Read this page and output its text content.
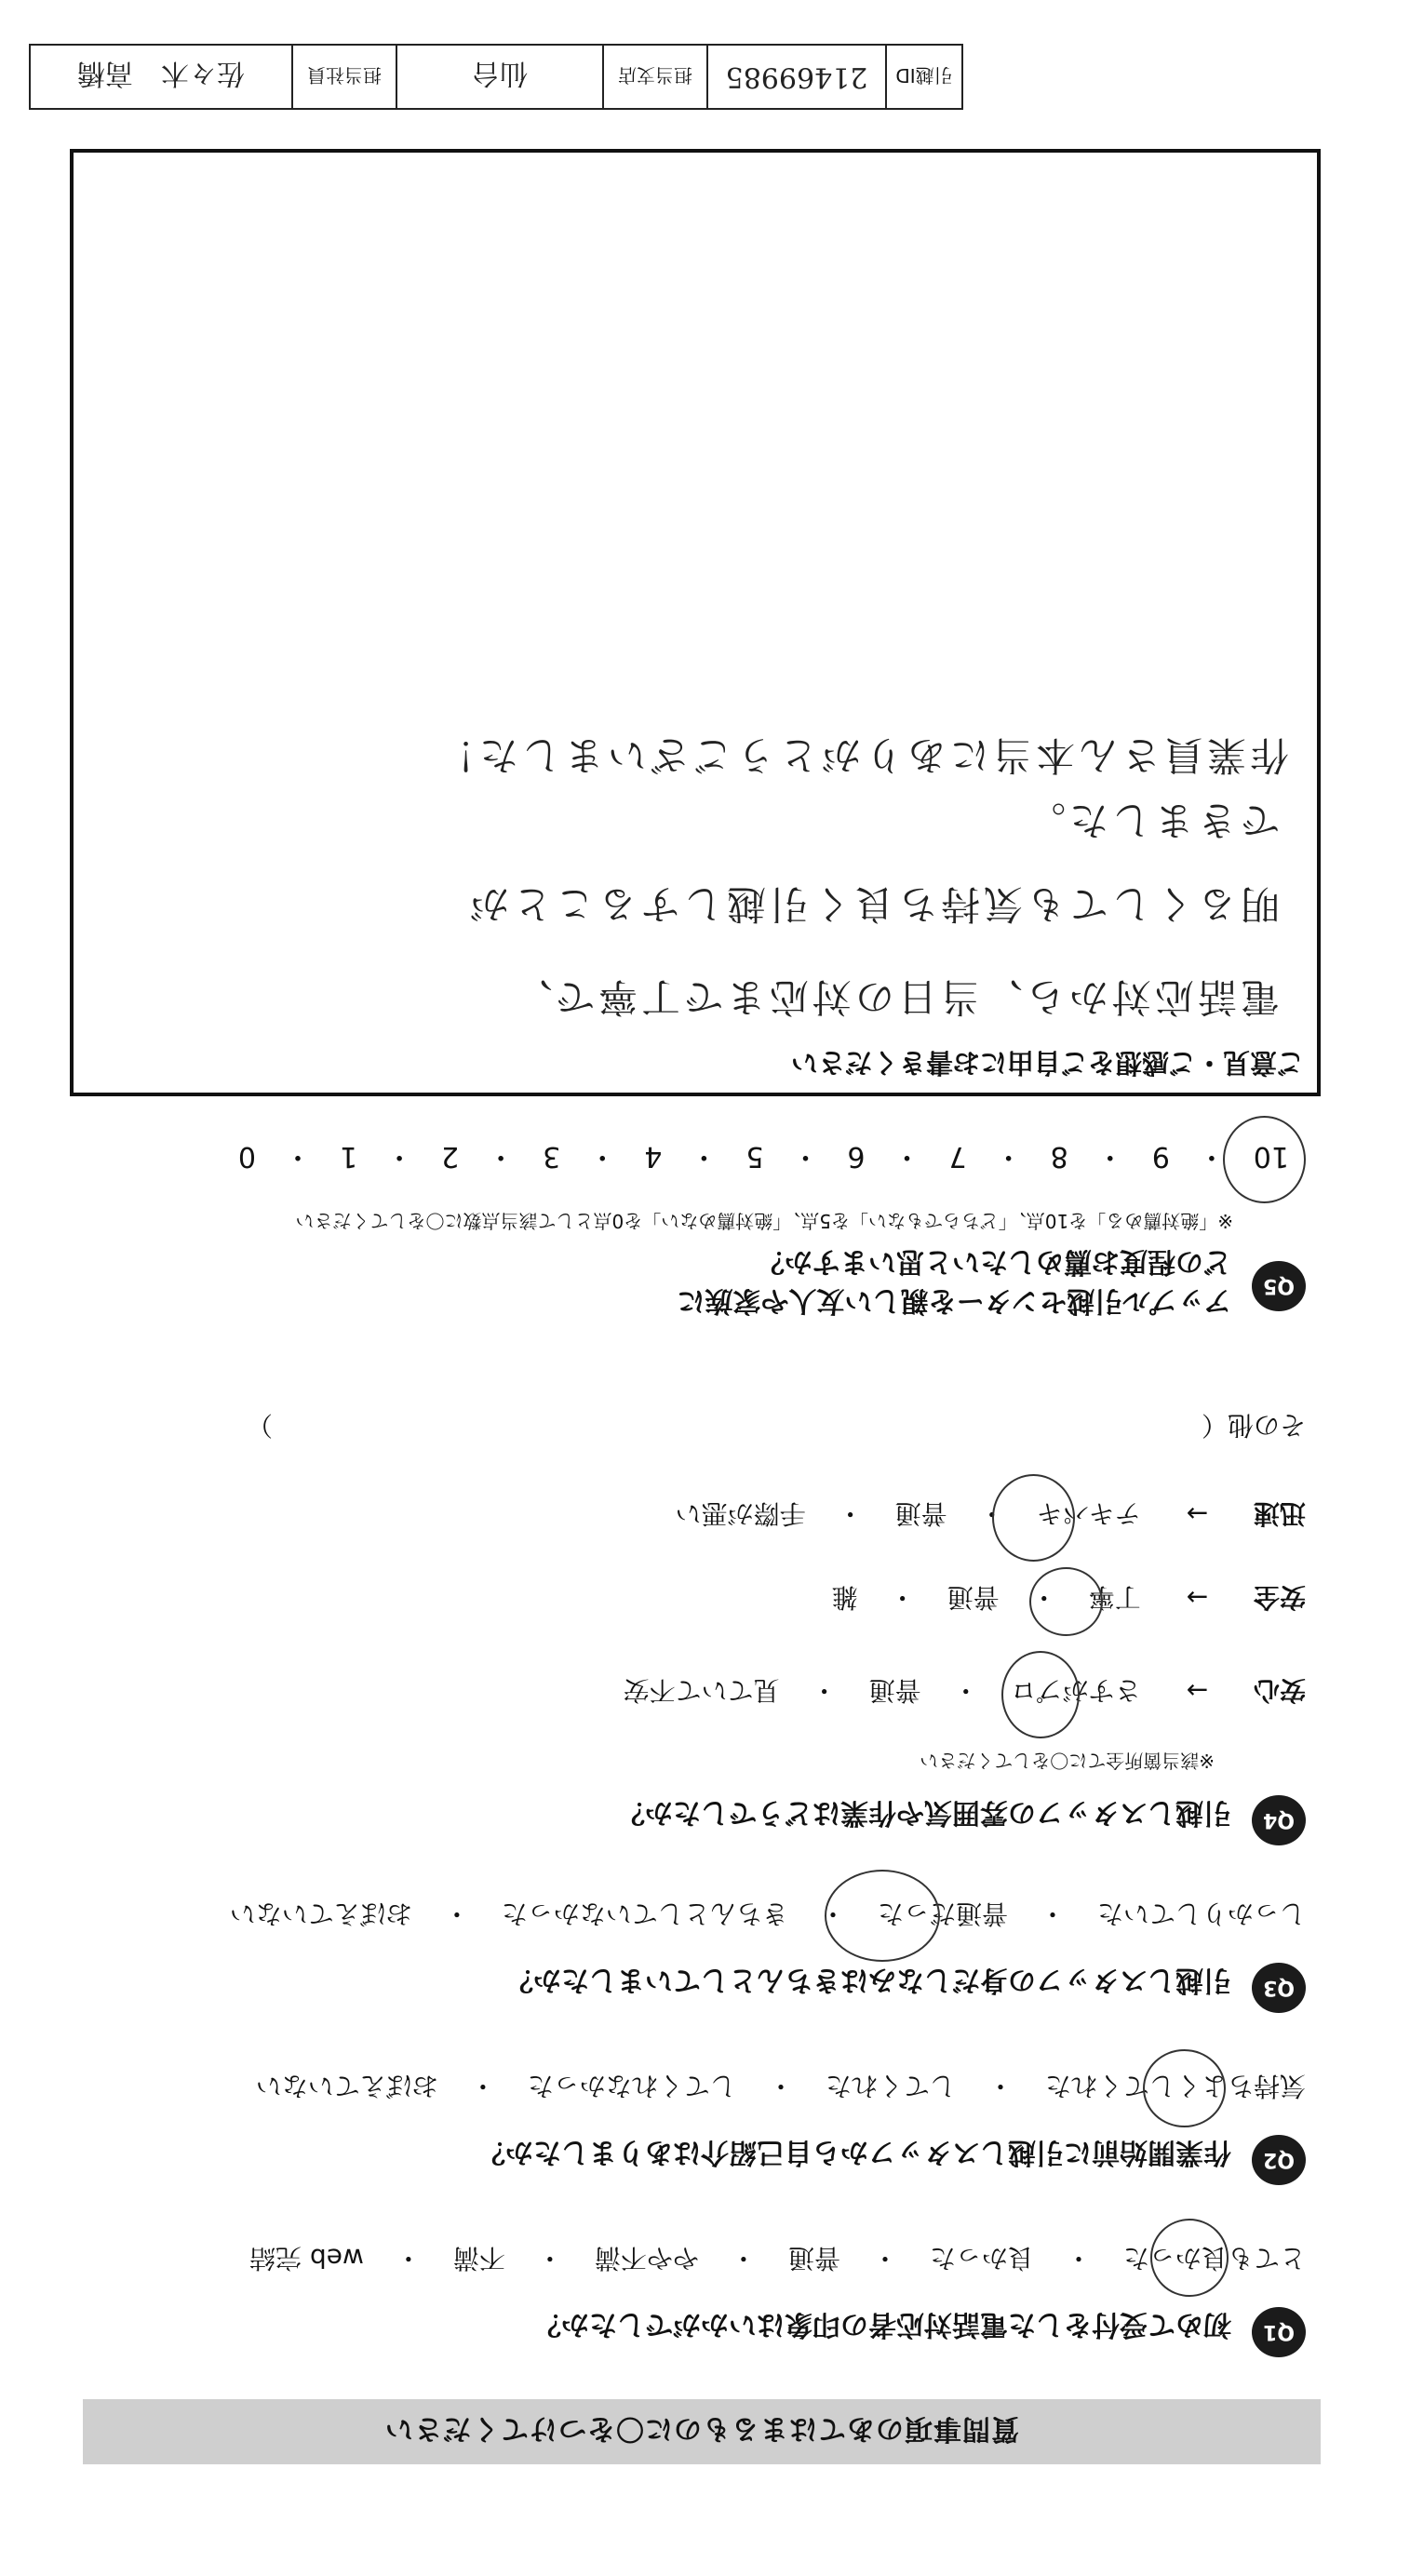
引越ID
21469985
担当支店
仙台
担当社員
佐々木
高橋
質問事項のあてはまるものに〇をつけてください
Q1
初めて受付をした電話対応者の印象はいかがでしたか？
とても良かった・良かった・普通・やや不満・不満・web 完結
Q2
作業開始前に引越しスタッフから自己紹介はありましたか？
気持ちよくしてくれた・してくれた・してくれなかった・おぼえていない
Q3
引越しスタッフの身だしなみはきちんとしていましたか？
しっかりしていた・普通だった・きちんとしていなかった・おぼえていない
Q4
引越しスタッフの雰囲気や作業はどうでしたか？
※該当箇所全てに〇をしてください
安心 → さすがプロ・普通・見ていて不安
安全 → 丁寧・普通・雑
迅速 → テキパキ・普通・手際が悪い
その他（
）
Q5
アップル引越センターを親しい友人や家族に
どの程度お薦めしたいと思いますか？
※「絶対薦める」を10点、「どちらでもない」を5点、「絶対薦めない」を0点として該当点数に〇をしてください
10・9・8・7・6・5・4・3・2・1・0
ご意見・ご感想をご自由にお書きください
電話応対から、当日の対応まで丁寧で、
明るくしても気持ち良く引越しすることが
できました。
作業員さん本当にありがとうございました！
